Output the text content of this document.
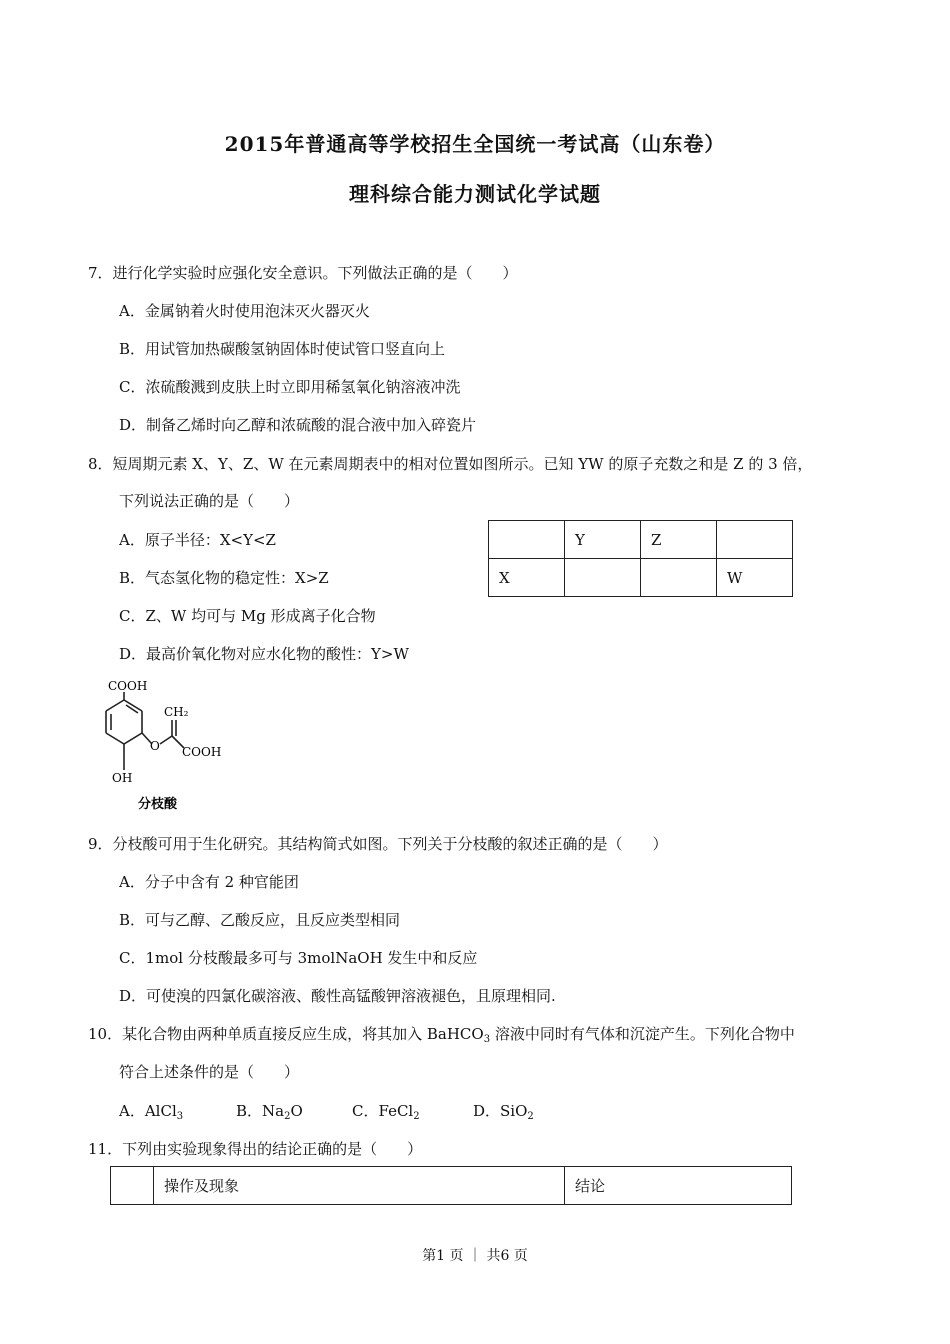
2015年普通高等学校招生全国统一考试高（山东卷）
理科综合能力测试化学试题
7．进行化学实验时应强化安全意识。下列做法正确的是（　　）
A．金属钠着火时使用泡沫灭火器灭火
B．用试管加热碳酸氢钠固体时使试管口竖直向上
C．浓硫酸溅到皮肤上时立即用稀氢氧化钠溶液冲洗
D．制备乙烯时向乙醇和浓硫酸的混合液中加入碎瓷片
8．短周期元素 X、Y、Z、W 在元素周期表中的相对位置如图所示。已知 YW 的原子充数之和是 Z 的 3 倍，
下列说法正确的是（　　）
A．原子半径：X<Y<Z
B．气态氢化物的稳定性：X>Z
C．Z、W 均可与 Mg 形成离子化合物
D．最高价氧化物对应水化物的酸性：Y>W
	Y	Z	
X			W
COOH
CH₂
O COOH
OH
分枝酸
9．分枝酸可用于生化研究。其结构简式如图。下列关于分枝酸的叙述正确的是（　　）
A．分子中含有 2 种官能团
B．可与乙醇、乙酸反应，且反应类型相同
C．1mol 分枝酸最多可与 3molNaOH 发生中和反应
D．可使溴的四氯化碳溶液、酸性高锰酸钾溶液褪色，且原理相同.
10．某化合物由两种单质直接反应生成，将其加入 BaHCO$_3$ 溶液中同时有气体和沉淀产生。下列化合物中
符合上述条件的是（　　）
A．AlCl$_3$	B．$Na_2O$	C．FeCl$_2$	D．SiO$_2$
11．下列由实验现象得出的结论正确的是（　　）
	操作及现象	结论
第1 页 ｜ 共6 页
